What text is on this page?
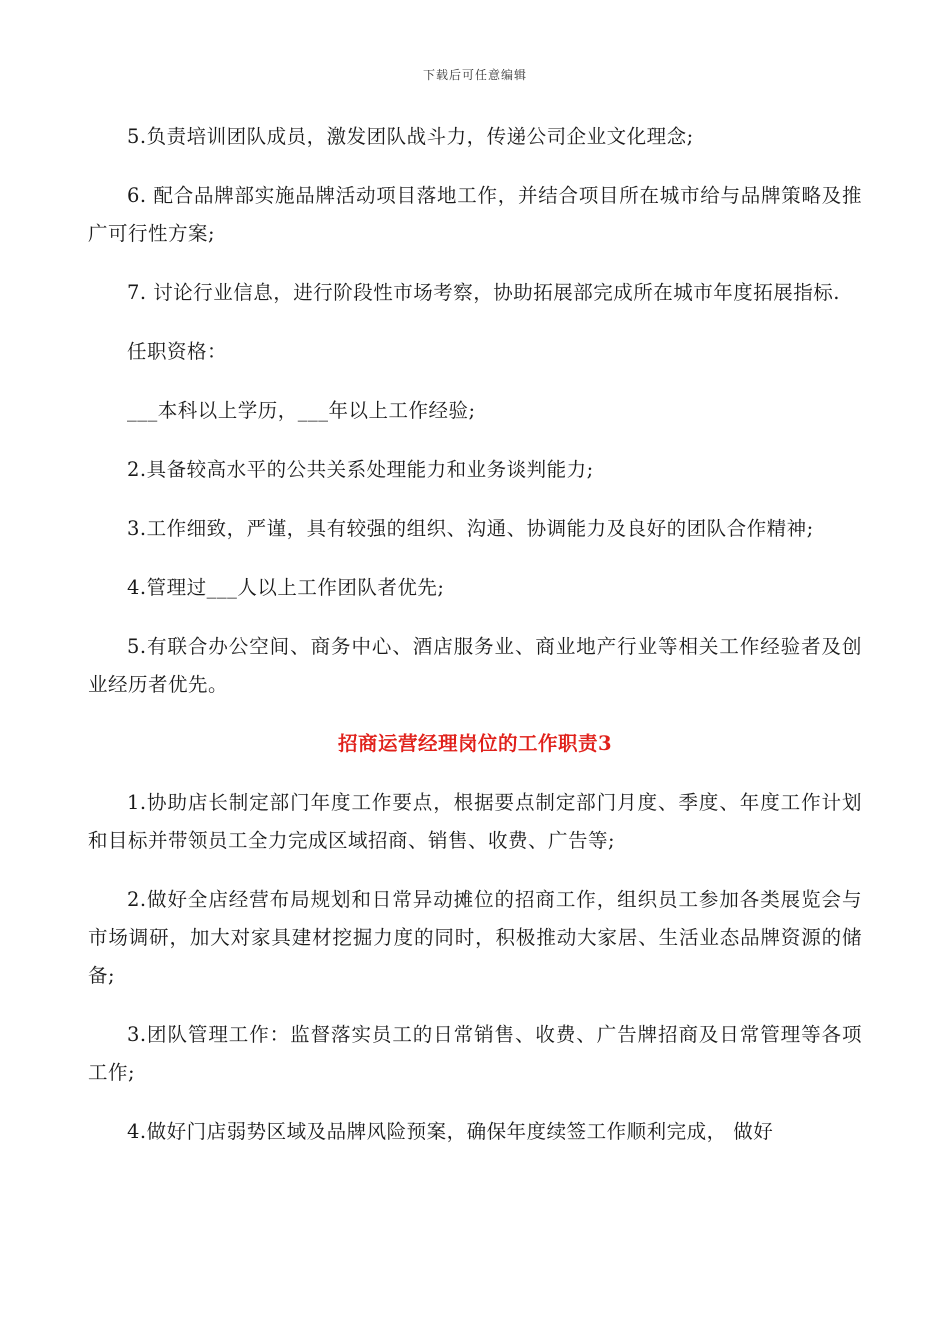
下载后可任意编辑

5.负责培训团队成员，激发团队战斗力，传递公司企业文化理念;

6. 配合品牌部实施品牌活动项目落地工作，并结合项目所在城市给与品牌策略及推广可行性方案;

7. 讨论行业信息，进行阶段性市场考察，协助拓展部完成所在城市年度拓展指标.

任职资格：

___本科以上学历，___年以上工作经验;

2.具备较高水平的公共关系处理能力和业务谈判能力;

3.工作细致，严谨，具有较强的组织、沟通、协调能力及良好的团队合作精神;

4.管理过___人以上工作团队者优先;

5.有联合办公空间、商务中心、酒店服务业、商业地产行业等相关工作经验者及创业经历者优先。

招商运营经理岗位的工作职责3

1.协助店长制定部门年度工作要点，根据要点制定部门月度、季度、年度工作计划和目标并带领员工全力完成区域招商、销售、收费、广告等;

2.做好全店经营布局规划和日常异动摊位的招商工作，组织员工参加各类展览会与市场调研，加大对家具建材挖掘力度的同时，积极推动大家居、生活业态品牌资源的储备;

3.团队管理工作：监督落实员工的日常销售、收费、广告牌招商及日常管理等各项工作;

4.做好门店弱势区域及品牌风险预案，确保年度续签工作顺利完成， 做好
